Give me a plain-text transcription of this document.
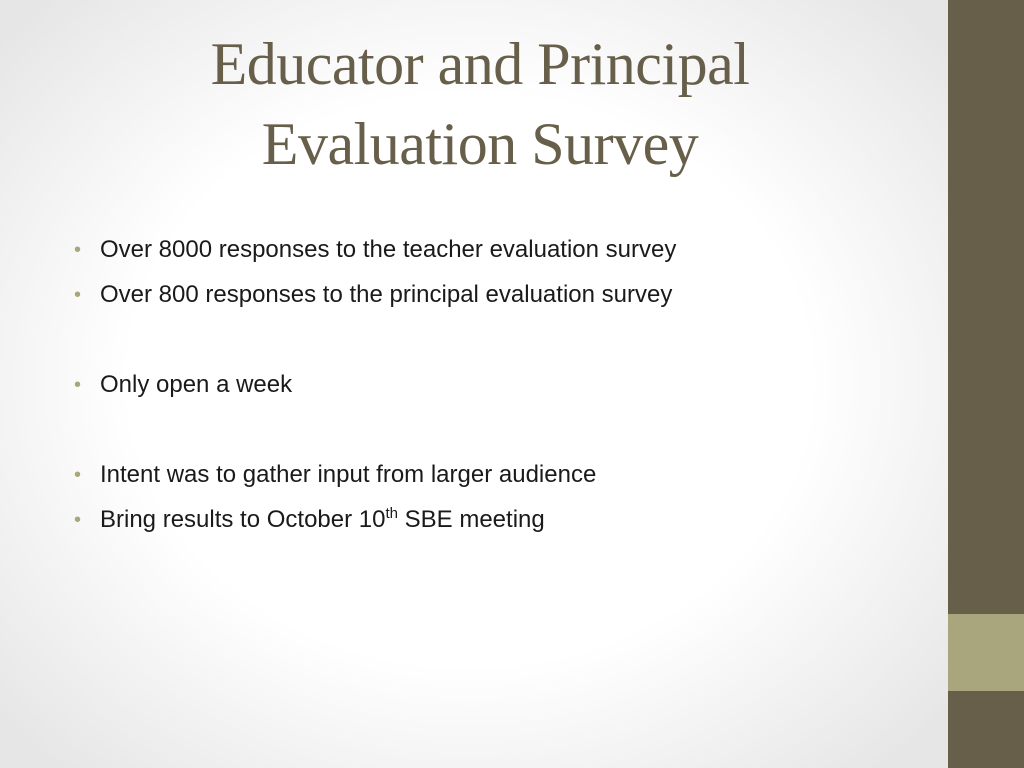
Educator and Principal
Evaluation Survey
• Over 8000 responses to the teacher evaluation survey
• Over 800 responses to the principal evaluation survey
• Only open a week
• Intent was to gather input from larger audience
• Bring results to October 10th SBE meeting
